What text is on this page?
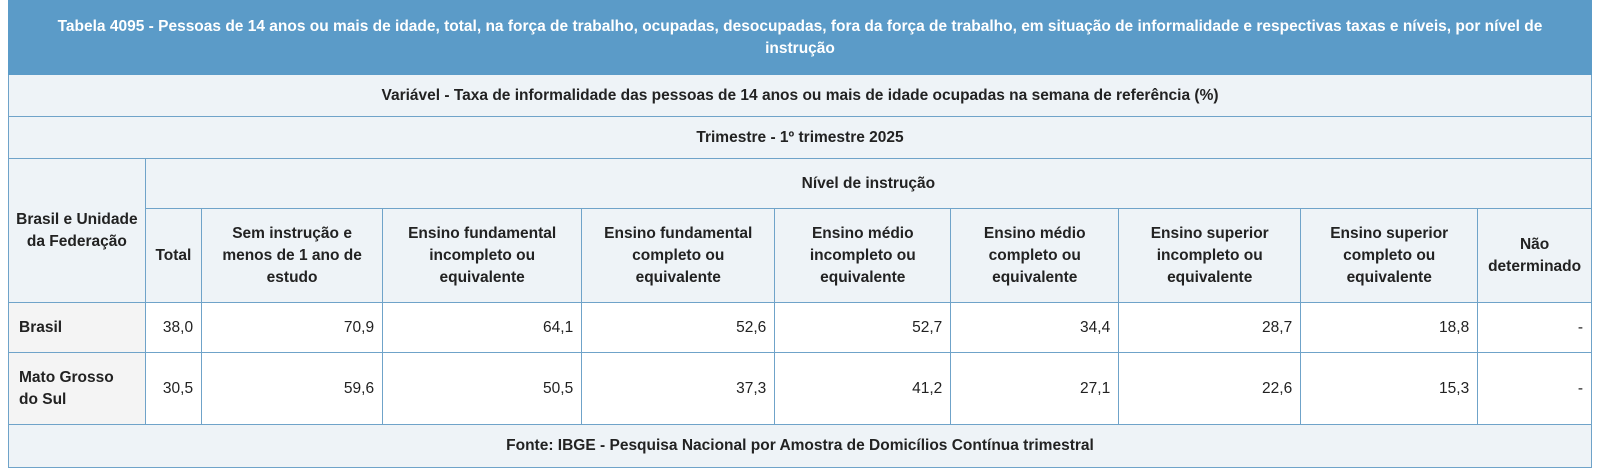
Tabela 4095 - Pessoas de 14 anos ou mais de idade, total, na força de trabalho, ocupadas, desocupadas, fora da força de trabalho, em situação de informalidade e respectivas taxas e níveis, por nível de instrução									
Variável - Taxa de informalidade das pessoas de 14 anos ou mais de idade ocupadas na semana de referência (%)									
Trimestre - 1º trimestre 2025									
Brasil e Unidade da Federação	Nível de instrução								
	Total	Sem instrução e menos de 1 ano de estudo	Ensino fundamental incompleto ou equivalente	Ensino fundamental completo ou equivalente	Ensino médio incompleto ou equivalente	Ensino médio completo ou equivalente	Ensino superior incompleto ou equivalente	Ensino superior completo ou equivalente	Não determinado
Brasil	38,0	70,9	64,1	52,6	52,7	34,4	28,7	18,8	-
Mato Grosso do Sul	30,5	59,6	50,5	37,3	41,2	27,1	22,6	15,3	-
Fonte: IBGE - Pesquisa Nacional por Amostra de Domicílios Contínua trimestral									
